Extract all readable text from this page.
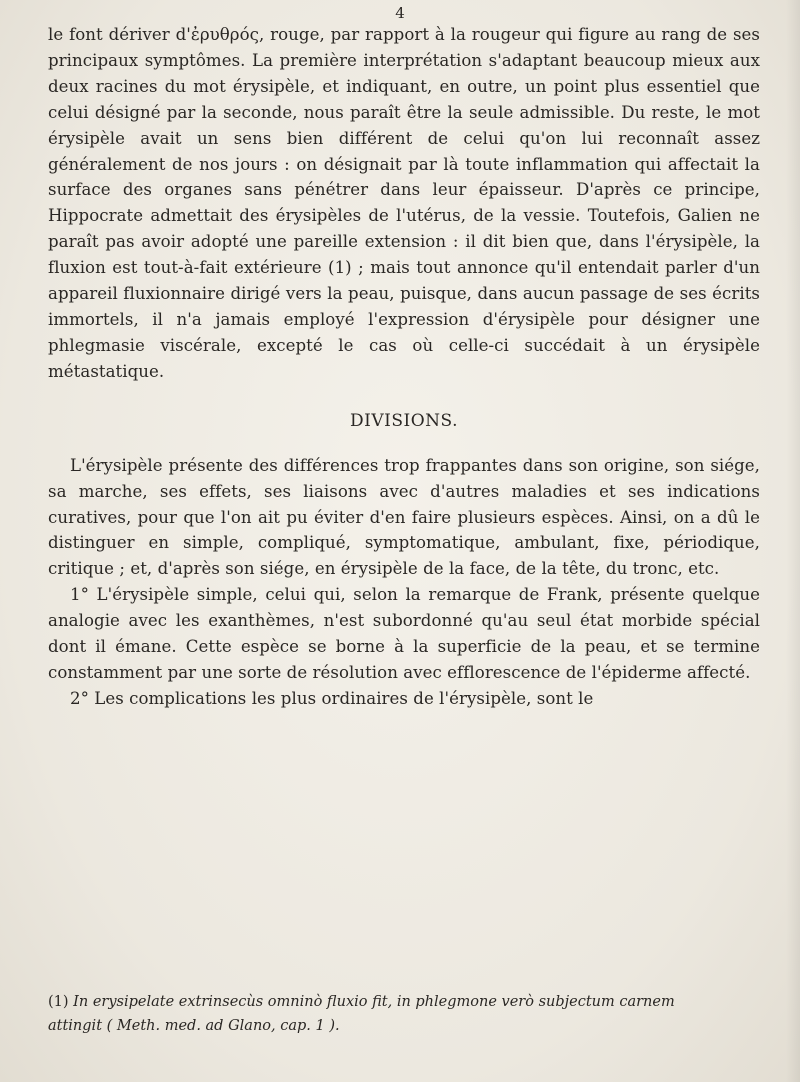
4

le font dériver d'ἐρυθρός, rouge, par rapport à la rougeur qui figure au rang de ses principaux symptômes. La première interprétation s'adaptant beaucoup mieux aux deux racines du mot érysipèle, et indiquant, en outre, un point plus essentiel que celui désigné par la seconde, nous paraît être la seule admissible. Du reste, le mot érysipèle avait un sens bien différent de celui qu'on lui reconnaît assez généralement de nos jours : on désignait par là toute inflammation qui affectait la surface des organes sans pénétrer dans leur épaisseur. D'après ce principe, Hippocrate admettait des érysipèles de l'utérus, de la vessie. Toutefois, Galien ne paraît pas avoir adopté une pareille extension : il dit bien que, dans l'érysipèle, la fluxion est tout-à-fait extérieure (1) ; mais tout annonce qu'il entendait parler d'un appareil fluxionnaire dirigé vers la peau, puisque, dans aucun passage de ses écrits immortels, il n'a jamais employé l'expression d'érysipèle pour désigner une phlegmasie viscérale, excepté le cas où celle-ci succédait à un érysipèle métastatique.

DIVISIONS.

L'érysipèle présente des différences trop frappantes dans son origine, son siége, sa marche, ses effets, ses liaisons avec d'autres maladies et ses indications curatives, pour que l'on ait pu éviter d'en faire plusieurs espèces. Ainsi, on a dû le distinguer en simple, compliqué, symptomatique, ambulant, fixe, périodique, critique ; et, d'après son siége, en érysipèle de la face, de la tête, du tronc, etc.

1° L'érysipèle simple, celui qui, selon la remarque de Frank, présente quelque analogie avec les exanthèmes, n'est subordonné qu'au seul état morbide spécial dont il émane. Cette espèce se borne à la superficie de la peau, et se termine constamment par une sorte de résolution avec efflorescence de l'épiderme affecté.

2° Les complications les plus ordinaires de l'érysipèle, sont le

(1) In erysipelate extrinsecùs omninò fluxio fit, in phlegmone verò subjectum carnem
attingit ( Meth. med. ad Glano, cap. 1 ).
